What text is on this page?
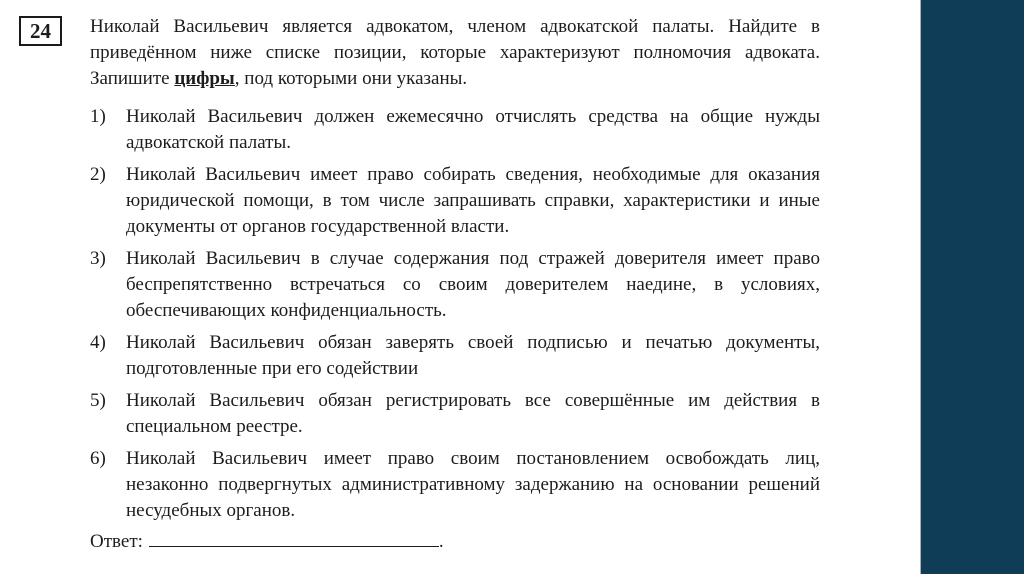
24	Николай Васильевич является адвокатом, членом адвокатской палаты. Найдите в приведённом ниже списке позиции, которые характеризуют полномочия адвоката. Запишите цифры, под которыми они указаны.

1)	Николай Васильевич должен ежемесячно отчислять средства на общие нужды адвокатской палаты.
2)	Николай Васильевич имеет право собирать сведения, необходимые для оказания юридической помощи, в том числе запрашивать справки, характеристики и иные документы от органов государственной власти.
3)	Николай Васильевич в случае содержания под стражей доверителя имеет право беспрепятственно встречаться со своим доверителем наедине, в условиях, обеспечивающих конфиденциальность.
4)	Николай Васильевич обязан заверять своей подписью и печатью документы, подготовленные при его содействии
5)	Николай Васильевич обязан регистрировать все совершённые им действия в специальном реестре.
6)	Николай Васильевич имеет право своим постановлением освобождать лиц, незаконно подвергнутых административному задержанию на основании решений несудебных органов.
Ответ:	.
